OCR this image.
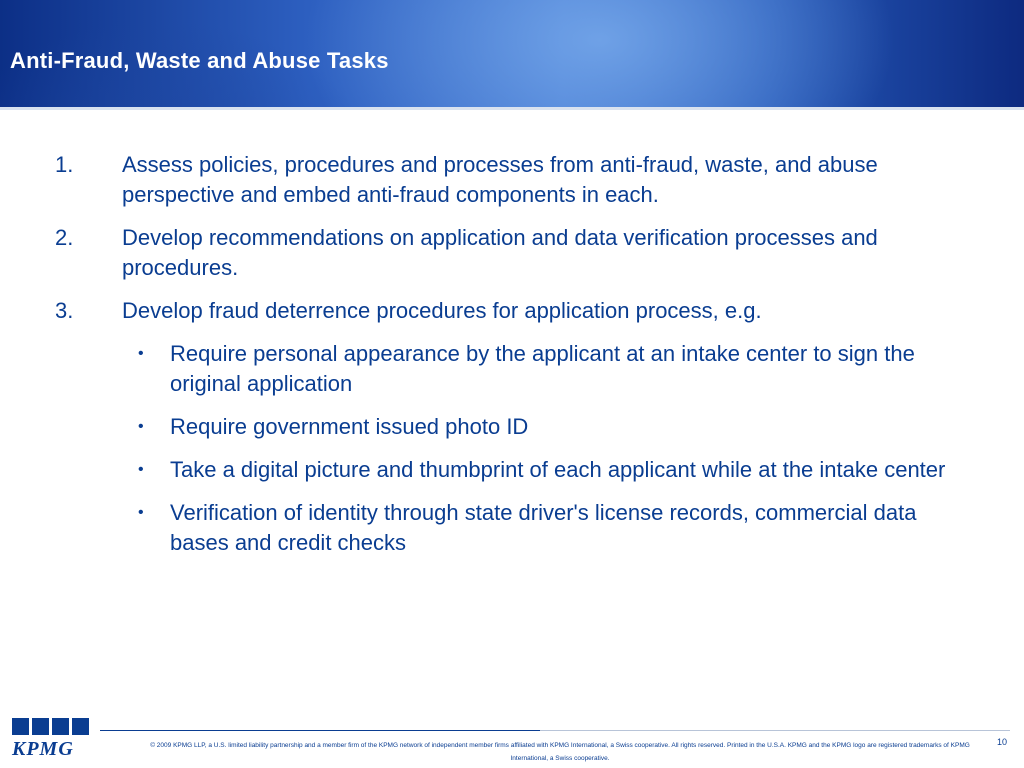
Anti-Fraud, Waste and Abuse Tasks
1. Assess policies, procedures and processes from anti-fraud, waste, and abuse perspective and embed anti-fraud components in each.
2. Develop recommendations on application and data verification processes and procedures.
3. Develop fraud deterrence procedures for application process, e.g.
• Require personal appearance by the applicant at an intake center to sign the original application
• Require government issued photo ID
• Take a digital picture and thumbprint of each applicant while at the intake center
• Verification of identity through state driver's license records, commercial data bases and credit checks
KPMG	© 2009 KPMG LLP, a U.S. limited liability partnership and a member firm of the KPMG network of independent member firms affiliated with KPMG International, a Swiss cooperative. All rights reserved. Printed in the U.S.A. KPMG and the KPMG logo are registered trademarks of KPMG
International, a Swiss cooperative.
10
